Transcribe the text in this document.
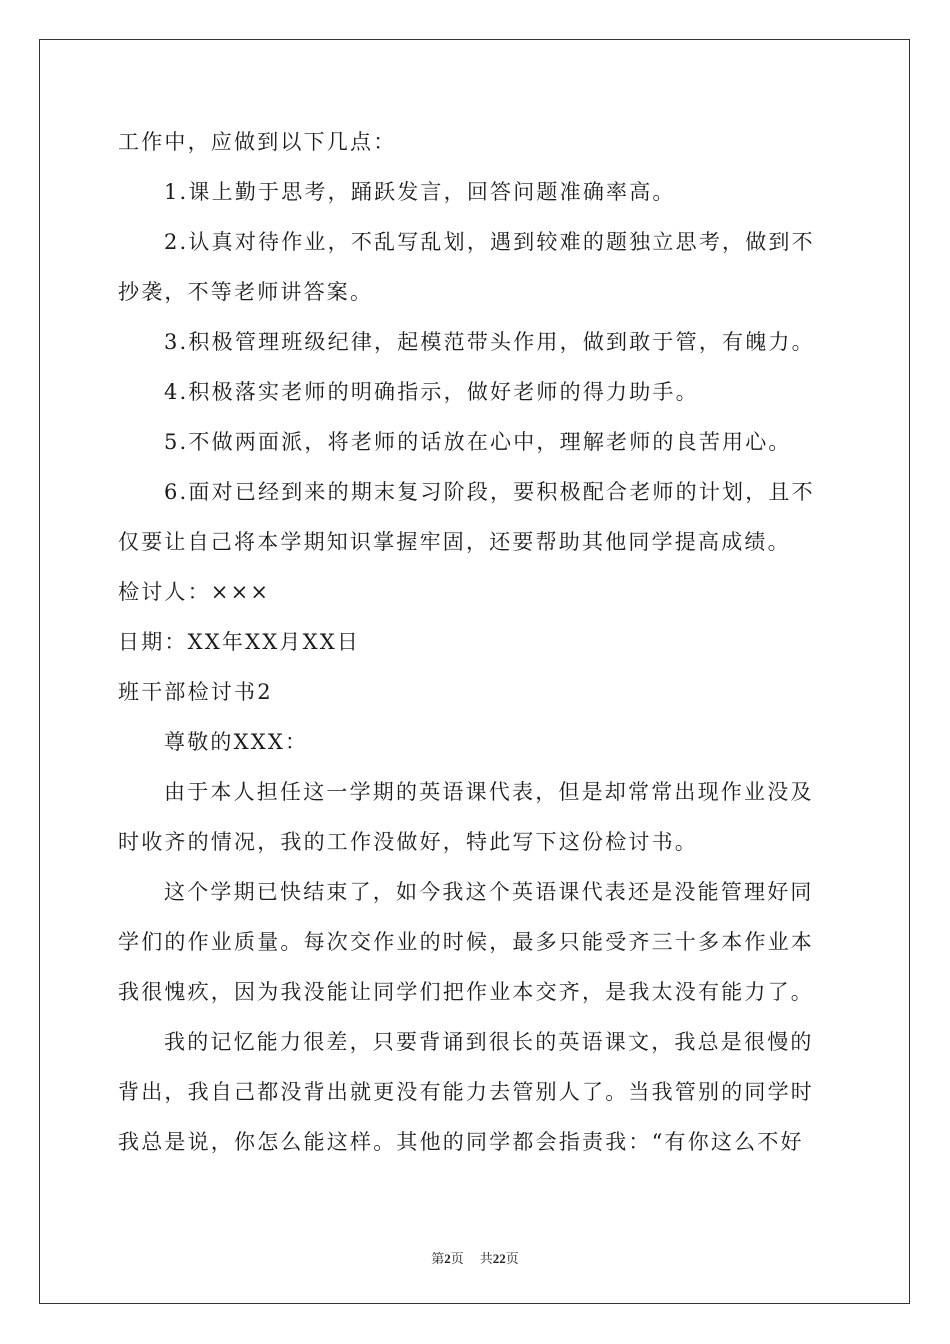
工作中，应做到以下几点：
1.课上勤于思考，踊跃发言，回答问题准确率高。
2.认真对待作业，不乱写乱划，遇到较难的题独立思考，做到不
抄袭，不等老师讲答案。
3.积极管理班级纪律，起模范带头作用，做到敢于管，有魄力。
4.积极落实老师的明确指示，做好老师的得力助手。
5.不做两面派，将老师的话放在心中，理解老师的良苦用心。
6.面对已经到来的期末复习阶段，要积极配合老师的计划，且不
仅要让自己将本学期知识掌握牢固，还要帮助其他同学提高成绩。
检讨人：×××
日期：XX年XX月XX日
班干部检讨书2
尊敬的XXX：
由于本人担任这一学期的英语课代表，但是却常常出现作业没及
时收齐的情况，我的工作没做好，特此写下这份检讨书。
这个学期已快结束了，如今我这个英语课代表还是没能管理好同
学们的作业质量。每次交作业的时候，最多只能受齐三十多本作业本
我很愧疚，因为我没能让同学们把作业本交齐，是我太没有能力了。
我的记忆能力很差，只要背诵到很长的英语课文，我总是很慢的
背出，我自己都没背出就更没有能力去管别人了。当我管别的同学时
我总是说，你怎么能这样。其他的同学都会指责我：“有你这么不好
第2页 共22页
